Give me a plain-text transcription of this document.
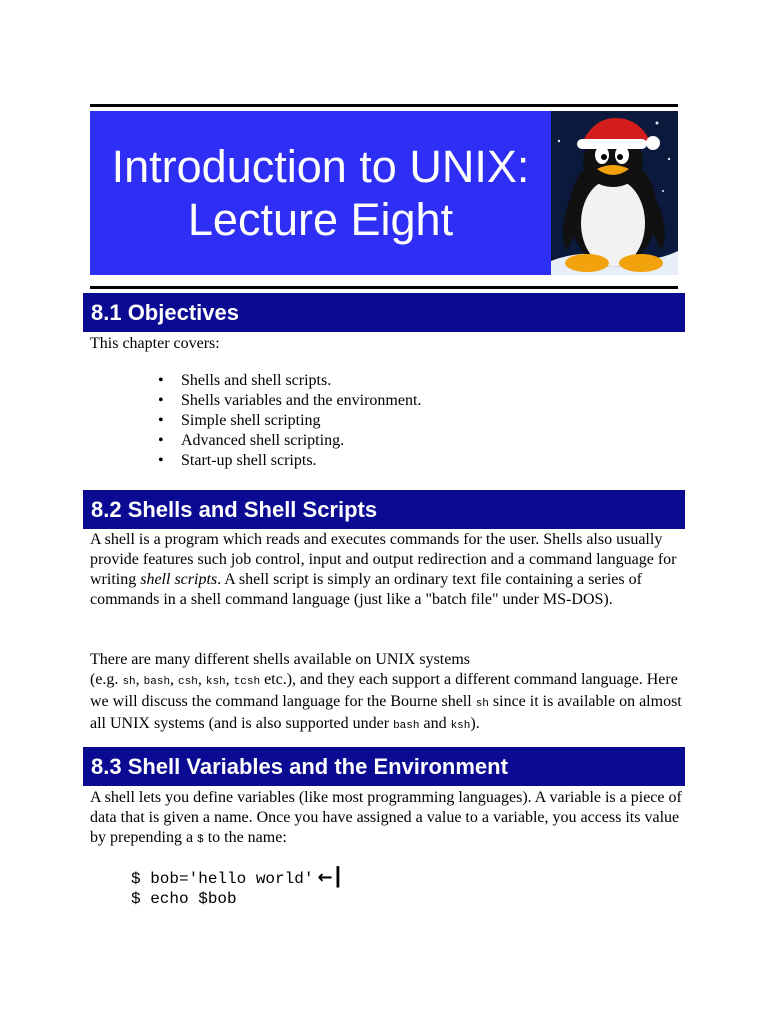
Introduction to UNIX:
Lecture Eight
8.1 Objectives
This chapter covers:
• Shells and shell scripts.
• Shells variables and the environment.
• Simple shell scripting
• Advanced shell scripting.
• Start-up shell scripts.
8.2 Shells and Shell Scripts
A shell is a program which reads and executes commands for the user. Shells also usually provide features such job control, input and output redirection and a command language for writing shell scripts. A shell script is simply an ordinary text file containing a series of commands in a shell command language (just like a "batch file" under MS-DOS).
There are many different shells available on UNIX systems
(e.g. sh, bash, csh, ksh, tcsh etc.), and they each support a different command language. Here we will discuss the command language for the Bourne shell sh since it is available on almost all UNIX systems (and is also supported under bash and ksh).
8.3 Shell Variables and the Environment
A shell lets you define variables (like most programming languages). A variable is a piece of data that is given a name. Once you have assigned a value to a variable, you access its value by prepending a $ to the name:
$ bob='hello world' ←┃
$ echo $bob
